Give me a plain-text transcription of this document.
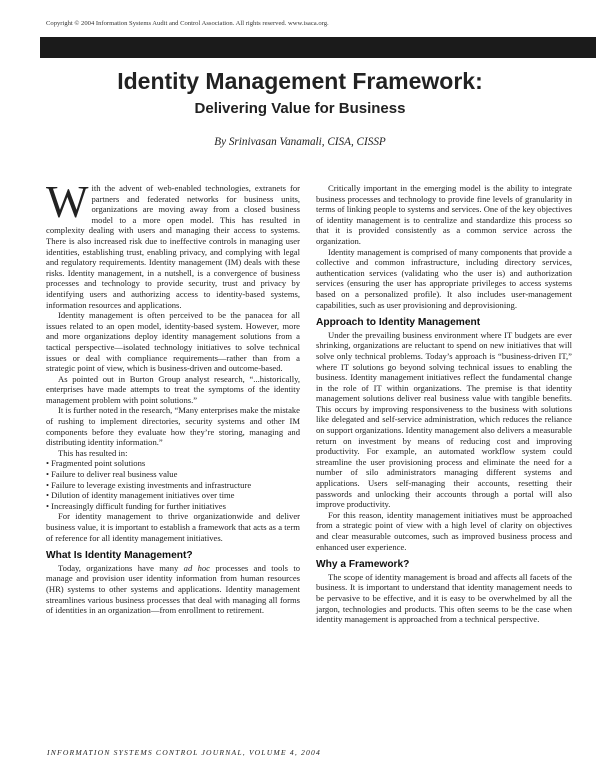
Copyright © 2004 Information Systems Audit and Control Association. All rights reserved. www.isaca.org.
Identity Management Framework:
Delivering Value for Business
By Srinivasan Vanamali, CISA, CISSP

With the advent of web-enabled technologies, extranets for partners and federated networks for business units, organizations are moving away from a closed business model to a more open model. This has resulted in complexity dealing with users and managing their access to systems. There is also increased risk due to ineffective controls in managing user identities, establishing trust, enabling privacy, and complying with legal and regulatory requirements. Identity management (IM) deals with these risks. Identity management, in a nutshell, is a convergence of business processes and technology to provide security, trust and privacy by identifying users and authorizing access to identity-based systems, information resources and applications.

Identity management is often perceived to be the panacea for all issues related to an open model, identity-based system. However, more and more organizations deploy identity management solutions from a tactical perspective—isolated technology initiatives to solve technical issues or deal with compliance requirements—rather than from a strategic point of view, which is business-driven and outcome-based.

As pointed out in Burton Group analyst research, “...historically, enterprises have made attempts to treat the symptoms of the identity management problem with point solutions.”

It is further noted in the research, “Many enterprises make the mistake of rushing to implement directories, security systems and other IM components before they evaluate how they’re storing, managing and distributing identity information.”

This has resulted in:

• Fragmented point solutions

• Failure to deliver real business value

• Failure to leverage existing investments and infrastructure

• Dilution of identity management initiatives over time

• Increasingly difficult funding for further initiatives

For identity management to thrive organizationwide and deliver business value, it is important to establish a framework that acts as a term of reference for all identity management initiatives.

What Is Identity Management?

Today, organizations have many ad hoc processes and tools to manage and provision user identity information from human resources (HR) systems to other systems and applications. Identity management streamlines various business processes that deal with managing all forms of identities in an organization—from enrollment to retirement.

Critically important in the emerging model is the ability to integrate business processes and technology to provide fine levels of granularity in terms of linking people to systems and services. One of the key objectives of identity management is to centralize and standardize this process so that it is provided consistently as a common service across the organization.

Identity management is comprised of many components that provide a collective and common infrastructure, including directory services, authentication services (validating who the user is) and authorization services (ensuring the user has appropriate privileges to access systems based on a personalized profile). It also includes user-management capabilities, such as user provisioning and deprovisioning.

Approach to Identity Management

Under the prevailing business environment where IT budgets are ever shrinking, organizations are reluctant to spend on new initiatives that will solve only technical problems. Today’s approach is “business-driven IT,” where IT solutions go beyond solving technical issues to enabling the business. Identity management initiatives reflect the fundamental change in the role of IT within organizations. The premise is that identity management solutions deliver real business value with tangible benefits. This occurs by improving responsiveness to the business with solutions like delegated and self-service administration, which reduces the reliance on support organizations. Identity management also delivers a measurable return on investment by means of reducing cost and improving productivity. For example, an automated workflow system could streamline the user provisioning process and eliminate the need for a number of silo administrators managing different systems and applications. Users self-managing their accounts, resetting their passwords and unlocking their accounts through a portal will also improve productivity.

For this reason, identity management initiatives must be approached from a strategic point of view with a high level of clarity on objectives and clear measurable outcomes, such as improved business process and enhanced user experience.

Why a Framework?

The scope of identity management is broad and affects all facets of the business. It is important to understand that identity management needs to be pervasive to be effective, and it is easy to be overwhelmed by all the jargon, technologies and products. This often seems to be the case when identity management is approached from a technical perspective.

INFORMATION SYSTEMS CONTROL JOURNAL, VOLUME 4, 2004
